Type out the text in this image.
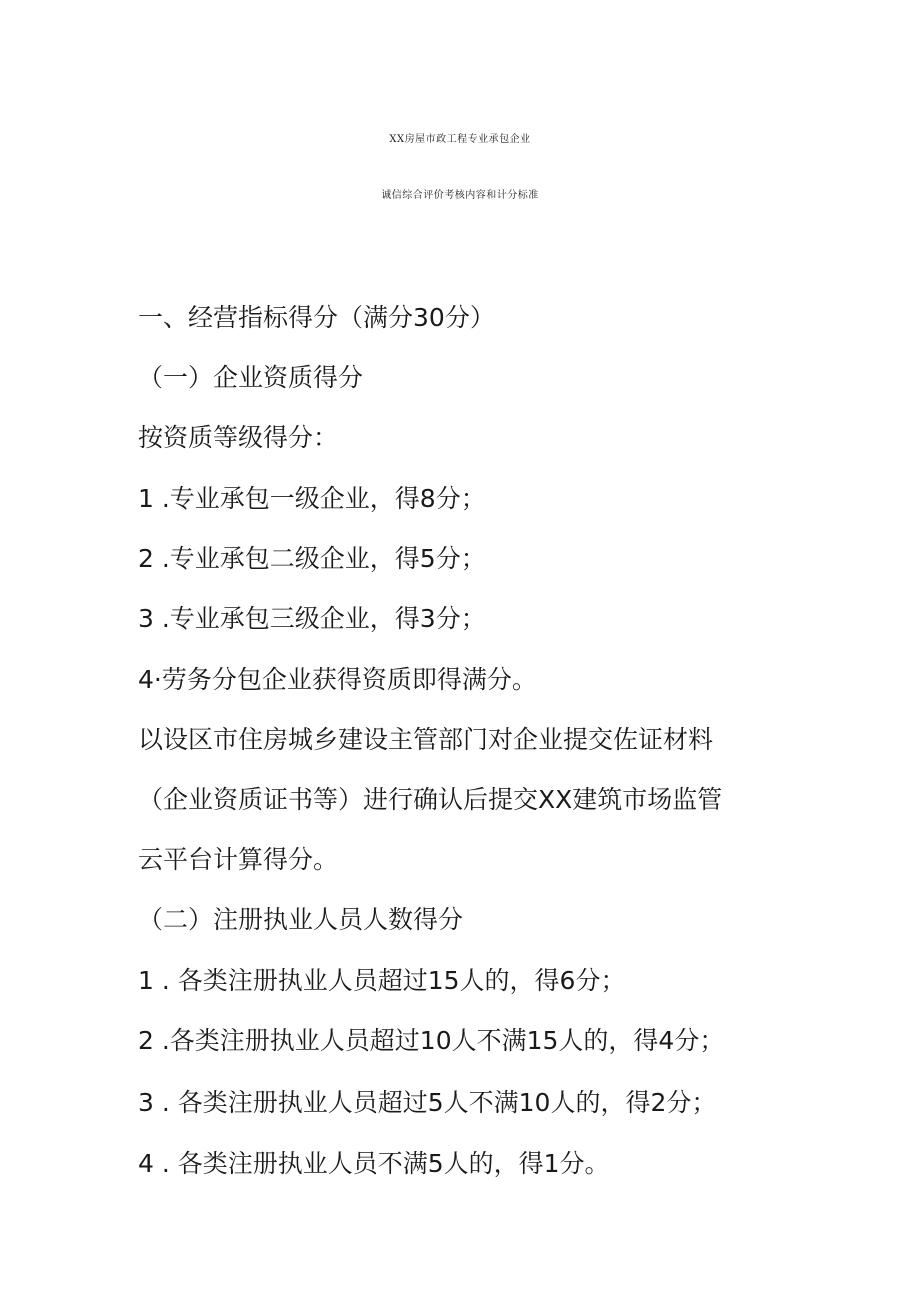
XX房屋市政工程专业承包企业
诚信综合评价考核内容和计分标准
一、经营指标得分（满分30分）
（一）企业资质得分
按资质等级得分：
1 .专业承包一级企业，得8分；
2 .专业承包二级企业，得5分；
3 .专业承包三级企业，得3分；
4·劳务分包企业获得资质即得满分。
以设区市住房城乡建设主管部门对企业提交佐证材料
（企业资质证书等）进行确认后提交XX建筑市场监管
云平台计算得分。
（二）注册执业人员人数得分
1 . 各类注册执业人员超过15人的，得6分；
2 .各类注册执业人员超过10人不满15人的，得4分；
3 . 各类注册执业人员超过5人不满10人的，得2分；
4 . 各类注册执业人员不满5人的，得1分。
